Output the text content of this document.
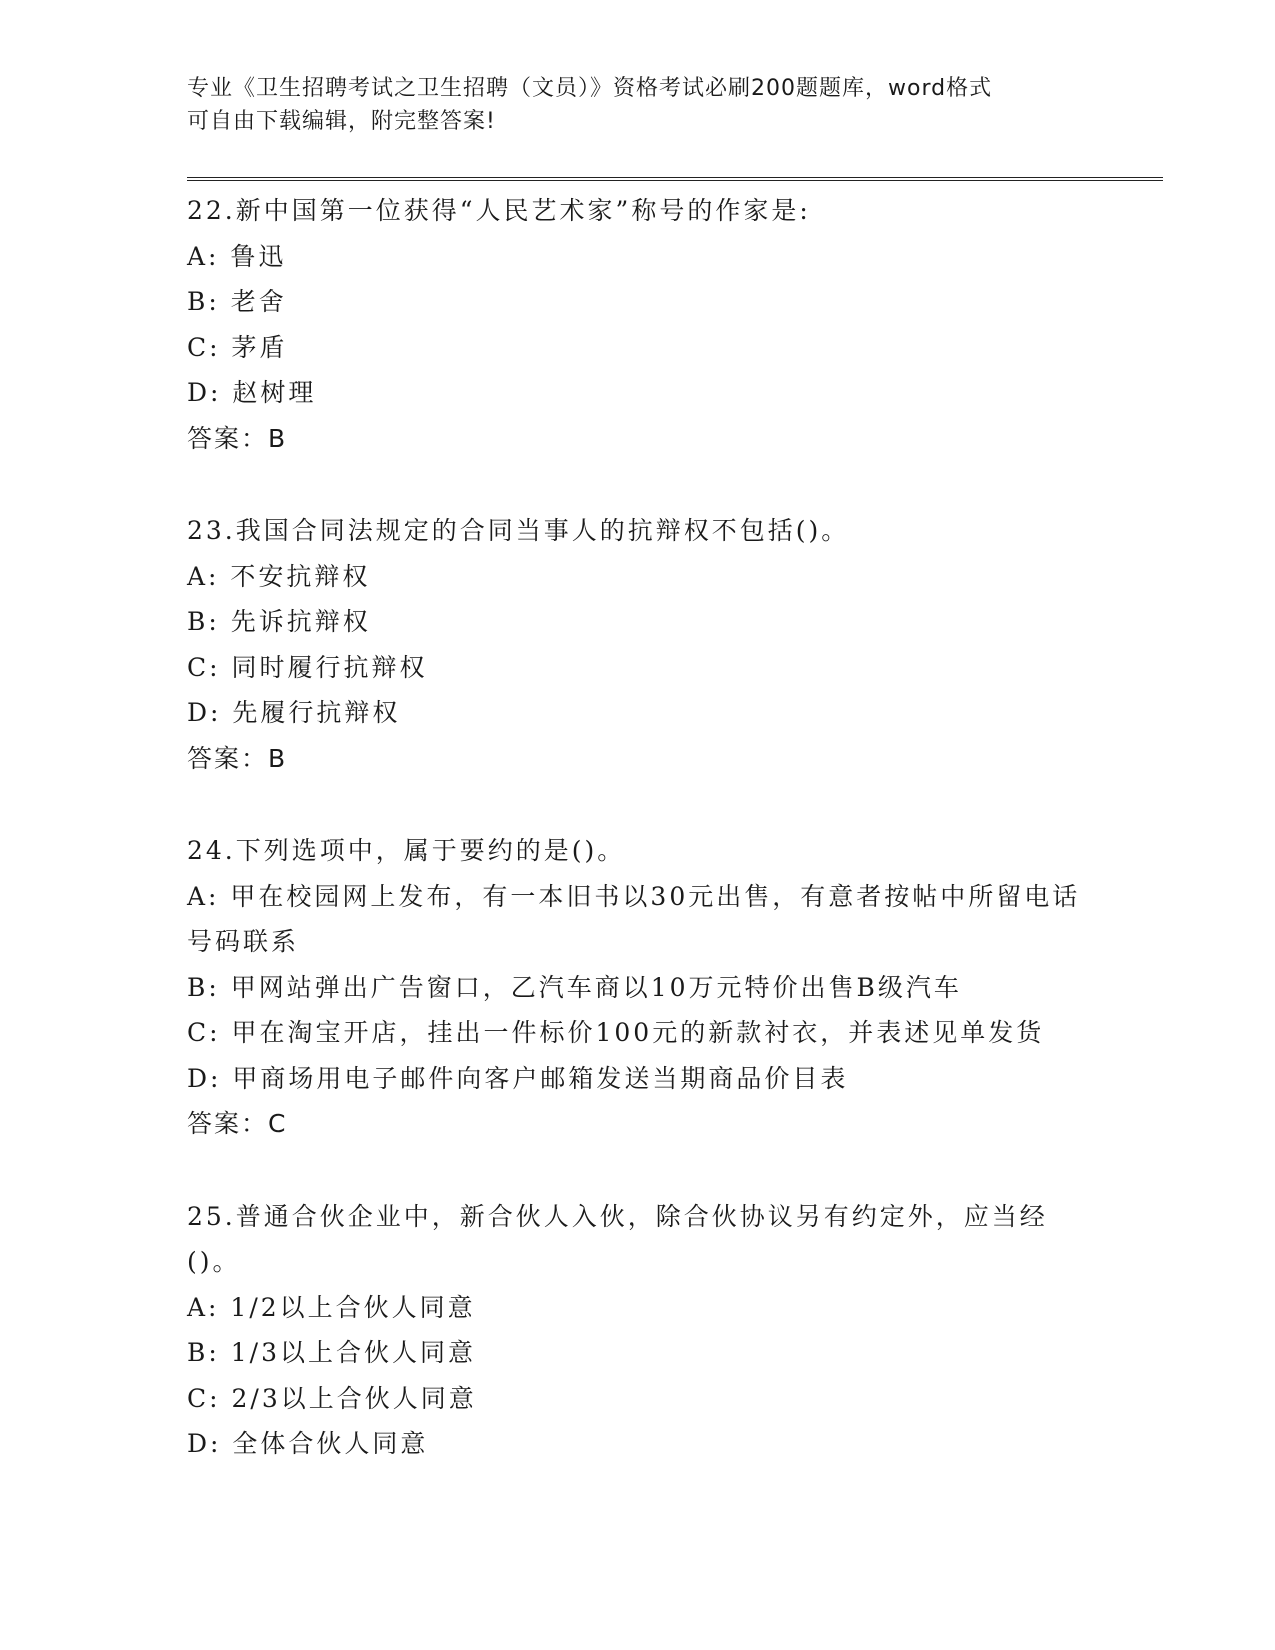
专业《卫生招聘考试之卫生招聘（文员）》资格考试必刷200题题库，word格式
可自由下载编辑，附完整答案!

22.新中国第一位获得“人民艺术家”称号的作家是:

A: 鲁迅

B: 老舍

C: 茅盾

D: 赵树理

答案：B

23.我国合同法规定的合同当事人的抗辩权不包括()。

A: 不安抗辩权

B: 先诉抗辩权

C: 同时履行抗辩权

D: 先履行抗辩权

答案：B

24.下列选项中，属于要约的是()。

A: 甲在校园网上发布，有一本旧书以30元出售，有意者按帖中所留电话号码联系

B: 甲网站弹出广告窗口，乙汽车商以10万元特价出售B级汽车

C: 甲在淘宝开店，挂出一件标价100元的新款衬衣，并表述见单发货

D: 甲商场用电子邮件向客户邮箱发送当期商品价目表

答案：C

25.普通合伙企业中，新合伙人入伙，除合伙协议另有约定外，应当经()。

A: 1/2以上合伙人同意

B: 1/3以上合伙人同意

C: 2/3以上合伙人同意

D: 全体合伙人同意
